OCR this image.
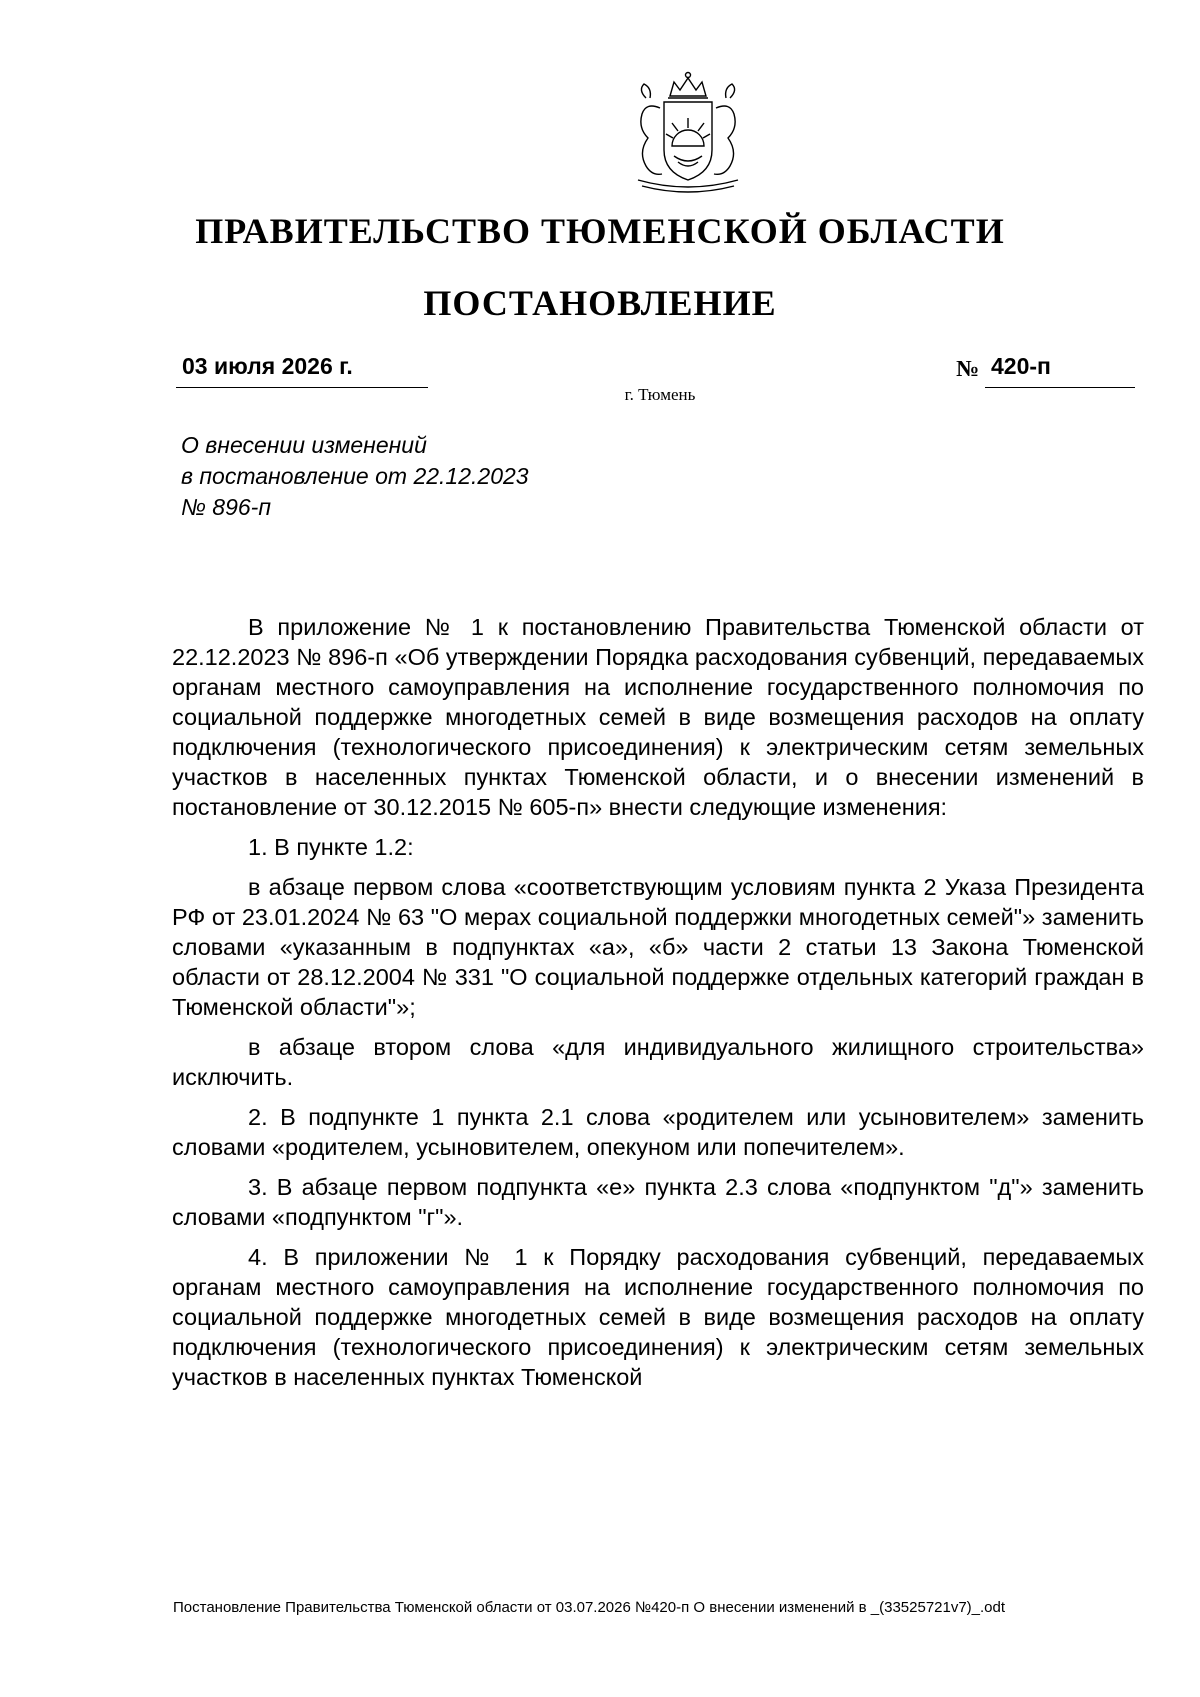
ПРАВИТЕЛЬСТВО ТЮМЕНСКОЙ ОБЛАСТИ
ПОСТАНОВЛЕНИЕ
03 июля 2026 г.	№ 420-п
г. Тюмень
О внесении изменений
в постановление от 22.12.2023
№ 896-п

В приложение № 1 к постановлению Правительства Тюменской области от 22.12.2023 № 896-п «Об утверждении Порядка расходования субвенций, передаваемых органам местного самоуправления на исполнение государственного полномочия по социальной поддержке многодетных семей в виде возмещения расходов на оплату подключения (технологического присоединения) к электрическим сетям земельных участков в населенных пунктах Тюменской области, и о внесении изменений в постановление от 30.12.2015 № 605-п» внести следующие изменения:

1. В пункте 1.2:

в абзаце первом слова «соответствующим условиям пункта 2 Указа Президента РФ от 23.01.2024 № 63 "О мерах социальной поддержки многодетных семей"» заменить словами «указанным в подпунктах «а», «б» части 2 статьи 13 Закона Тюменской области от 28.12.2004 № 331 "О социальной поддержке отдельных категорий граждан в Тюменской области"»;

в абзаце втором слова «для индивидуального жилищного строительства» исключить.

2. В подпункте 1 пункта 2.1 слова «родителем или усыновителем» заменить словами «родителем, усыновителем, опекуном или попечителем».

3. В абзаце первом подпункта «е» пункта 2.3 слова «подпунктом "д"» заменить словами «подпунктом "г"».

4. В приложении № 1 к Порядку расходования субвенций, передаваемых органам местного самоуправления на исполнение государственного полномочия по социальной поддержке многодетных семей в виде возмещения расходов на оплату подключения (технологического присоединения) к электрическим сетям земельных участков в населенных пунктах Тюменской

Постановление Правительства Тюменской области от 03.07.2026 №420-п О внесении изменений в _(33525721v7)_.odt
